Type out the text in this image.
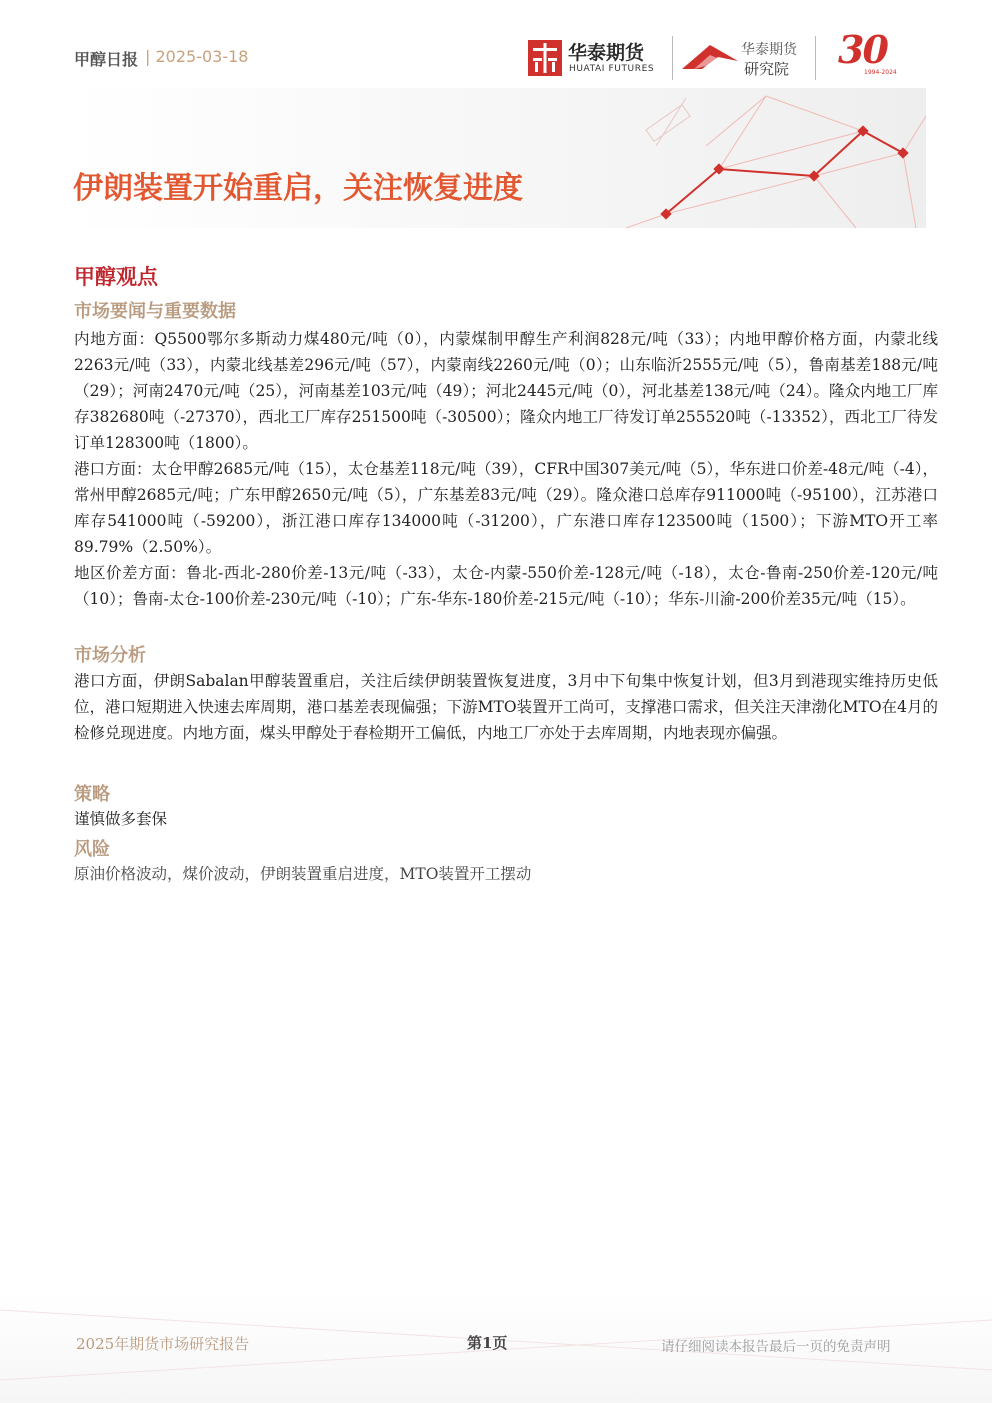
甲醇日报 | 2025-03-18	华泰期货
HUATAI FUTURES
华泰期货
研究院 30
1994-2024
伊朗装置开始重启，关注恢复进度
甲醇观点
市场要闻与重要数据
内地方面：Q5500鄂尔多斯动力煤480元/吨（0），内蒙煤制甲醇生产利润828元/吨（33）；内地甲醇价格方面，内蒙北线2263元/吨（33），内蒙北线基差296元/吨（57），内蒙南线2260元/吨（0）；山东临沂2555元/吨（5），鲁南基差188元/吨（29）；河南2470元/吨（25），河南基差103元/吨（49）；河北2445元/吨（0），河北基差138元/吨（24）。隆众内地工厂库存382680吨（-27370），西北工厂库存251500吨（-30500）；隆众内地工厂待发订单255520吨（-13352），西北工厂待发订单128300吨（1800）。
港口方面：太仓甲醇2685元/吨（15），太仓基差118元/吨（39），CFR中国307美元/吨（5），华东进口价差-48元/吨（-4），常州甲醇2685元/吨；广东甲醇2650元/吨（5），广东基差83元/吨（29）。隆众港口总库存911000吨（-95100），江苏港口库存541000吨（-59200），浙江港口库存134000吨（-31200），广东港口库存123500吨（1500）；下游MTO开工率89.79%（2.50%）。
地区价差方面：鲁北-西北-280价差-13元/吨（-33），太仓-内蒙-550价差-128元/吨（-18），太仓-鲁南-250价差-120元/吨（10）；鲁南-太仓-100价差-230元/吨（-10）；广东-华东-180价差-215元/吨（-10）；华东-川渝-200价差35元/吨（15）。
市场分析
港口方面，伊朗Sabalan甲醇装置重启，关注后续伊朗装置恢复进度，3月中下旬集中恢复计划，但3月到港现实维持历史低位，港口短期进入快速去库周期，港口基差表现偏强；下游MTO装置开工尚可，支撑港口需求，但关注天津渤化MTO在4月的检修兑现进度。内地方面，煤头甲醇处于春检期开工偏低，内地工厂亦处于去库周期，内地表现亦偏强。
策略
谨慎做多套保
风险
原油价格波动，煤价波动，伊朗装置重启进度，MTO装置开工摆动
2025年期货市场研究报告	第1页	请仔细阅读本报告最后一页的免责声明
